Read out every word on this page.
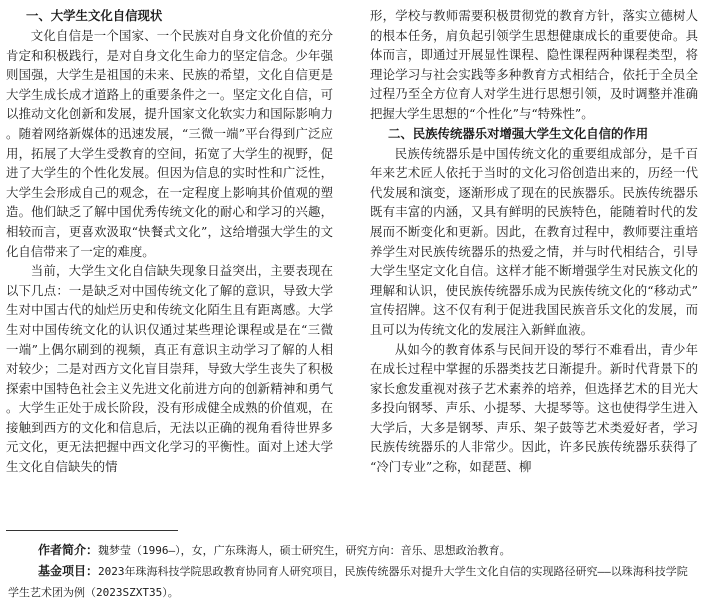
一、大学生文化自信现状

文化自信是一个国家、一个民族对自身文化价值的充分肯定和积极践行，是对自身文化生命力的坚定信念。少年强则国强，大学生是祖国的未来、民族的希望，文化自信更是大学生成长成才道路上的重要条件之一。坚定文化自信，可以推动文化创新和发展，提升国家文化软实力和国际影响力。随着网络新媒体的迅速发展，“三微一端”平台得到广泛应用，拓展了大学生受教育的空间，拓宽了大学生的视野，促进了大学生的个性化发展。但因为信息的实时性和广泛性，大学生会形成自己的观念，在一定程度上影响其价值观的塑造。他们缺乏了解中国优秀传统文化的耐心和学习的兴趣，相较而言，更喜欢汲取“快餐式文化”，这给增强大学生的文化自信带来了一定的难度。

当前，大学生文化自信缺失现象日益突出，主要表现在以下几点：一是缺乏对中国传统文化了解的意识，导致大学生对中国古代的灿烂历史和传统文化陌生且有距离感。大学生对中国传统文化的认识仅通过某些理论课程或是在“三微一端”上偶尔刷到的视频，真正有意识主动学习了解的人相对较少；二是对西方文化盲目崇拜，导致大学生丧失了积极探索中国特色社会主义先进文化前进方向的创新精神和勇气。大学生正处于成长阶段，没有形成健全成熟的价值观，在接触到西方的文化和信息后，无法以正确的视角看待世界多元文化，更无法把握中西文化学习的平衡性。面对上述大学生文化自信缺失的情

形，学校与教师需要积极贯彻党的教育方针，落实立德树人的根本任务，肩负起引领学生思想健康成长的重要使命。具体而言，即通过开展显性课程、隐性课程两种课程类型，将理论学习与社会实践等多种教育方式相结合，依托于全员全过程乃至全方位育人对学生进行思想引领，及时调整并准确把握大学生思想的“个性化”与“特殊性”。

二、民族传统器乐对增强大学生文化自信的作用

民族传统器乐是中国传统文化的重要组成部分，是千百年来艺术匠人依托于当时的文化习俗创造出来的，历经一代代发展和演变，逐渐形成了现在的民族器乐。民族传统器乐既有丰富的内涵，又具有鲜明的民族特色，能随着时代的发展而不断变化和更新。因此，在教育过程中，教师要注重培养学生对民族传统器乐的热爱之情，并与时代相结合，引导大学生坚定文化自信。这样才能不断增强学生对民族文化的理解和认识，使民族传统器乐成为民族传统文化的“移动式”宣传招牌。这不仅有利于促进我国民族音乐文化的发展，而且可以为传统文化的发展注入新鲜血液。

从如今的教育体系与民间开设的琴行不难看出，青少年在成长过程中掌握的乐器类技艺日渐提升。新时代背景下的家长愈发重视对孩子艺术素养的培养，但选择艺术的目光大多投向钢琴、声乐、小提琴、大提琴等。这也使得学生进入大学后，大多是钢琴、声乐、架子鼓等艺术类爱好者，学习民族传统器乐的人非常少。因此，许多民族传统器乐获得了“冷门专业”之称，如琵琶、柳

作者简介：魏梦莹（1996—），女，广东珠海人，硕士研究生，研究方向：音乐、思想政治教育。

基金项目：2023年珠海科技学院思政教育协同育人研究项目，民族传统器乐对提升大学生文化自信的实现路径研究——以珠海科技学院学生艺术团为例（2023SZXT35）。
